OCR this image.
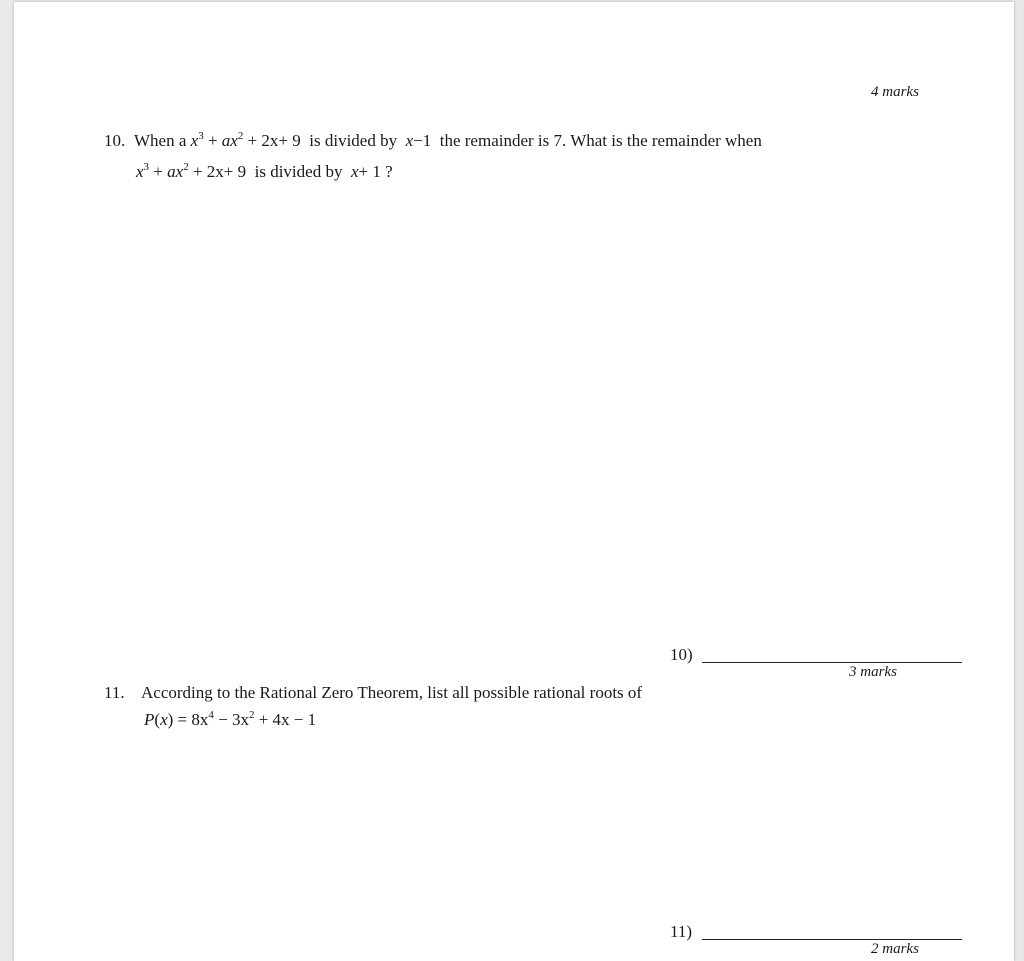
4 marks
10. When a $x^3 + ax^2 + 2x+ 9$ is divided by x−1 the remainder is 7. What is the remainder when
$x^3 + ax^2 + 2x+ 9$ is divided by x+ 1 ?
10)
3 marks
11. According to the Rational Zero Theorem, list all possible rational roots of
$P(x) = 8x^4 - 3x^2 + 4x - 1$
11)
2 marks
